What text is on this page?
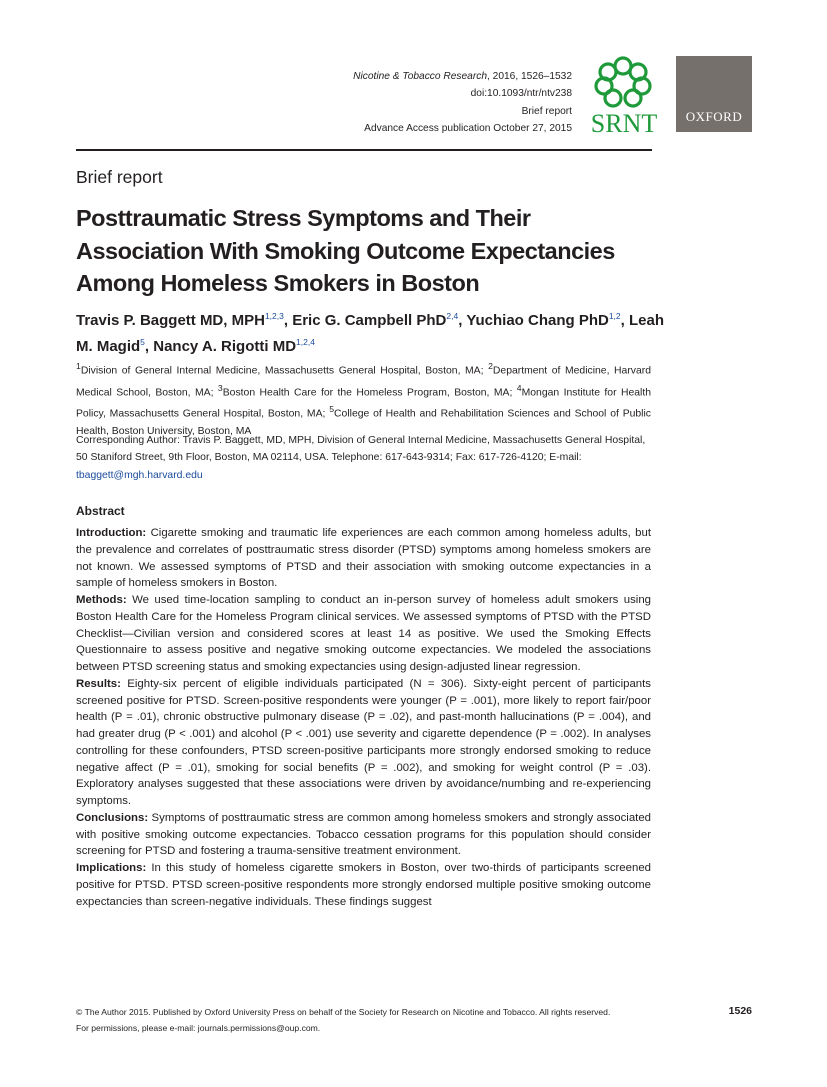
Nicotine & Tobacco Research, 2016, 1526–1532
doi:10.1093/ntr/ntv238
Brief report
Advance Access publication October 27, 2015 SRNT OXFORD
Brief report
Posttraumatic Stress Symptoms and Their
Association With Smoking Outcome Expectancies
Among Homeless Smokers in Boston
Travis P. Baggett MD, MPH$^{1,2,3}$, Eric G. Campbell PhD$^{2,4}$, Yuchiao Chang PhD$^{1,2}$, Leah M. Magid$^5$, Nancy A. Rigotti MD$^{1,2,4}$
$^1$Division of General Internal Medicine, Massachusetts General Hospital, Boston, MA; $^2$Department of Medicine, Harvard Medical School, Boston, MA; $^3$Boston Health Care for the Homeless Program, Boston, MA; $^4$Mongan Institute for Health Policy, Massachusetts General Hospital, Boston, MA; $^5$College of Health and Rehabilitation Sciences and School of Public Health, Boston University, Boston, MA
Corresponding Author: Travis P. Baggett, MD, MPH, Division of General Internal Medicine, Massachusetts General Hospital, 50 Staniford Street, 9th Floor, Boston, MA 02114, USA. Telephone: 617-643-9314; Fax: 617-726-4120; E-mail: tbaggett@mgh.harvard.edu
Abstract

Introduction: Cigarette smoking and traumatic life experiences are each common among homeless adults, but the prevalence and correlates of posttraumatic stress disorder (PTSD) symptoms among homeless smokers are not known. We assessed symptoms of PTSD and their association with smoking outcome expectancies in a sample of homeless smokers in Boston.

Methods: We used time-location sampling to conduct an in-person survey of homeless adult smokers using Boston Health Care for the Homeless Program clinical services. We assessed symptoms of PTSD with the PTSD Checklist—Civilian version and considered scores at least 14 as positive. We used the Smoking Effects Questionnaire to assess positive and negative smoking outcome expectancies. We modeled the associations between PTSD screening status and smoking expectancies using design-adjusted linear regression.

Results: Eighty-six percent of eligible individuals participated (N = 306). Sixty-eight percent of participants screened positive for PTSD. Screen-positive respondents were younger (P = .001), more likely to report fair/poor health (P = .01), chronic obstructive pulmonary disease (P = .02), and past-month hallucinations (P = .004), and had greater drug (P < .001) and alcohol (P < .001) use severity and cigarette dependence (P = .002). In analyses controlling for these confounders, PTSD screen-positive participants more strongly endorsed smoking to reduce negative affect (P = .01), smoking for social benefits (P = .002), and smoking for weight control (P = .03). Exploratory analyses suggested that these associations were driven by avoidance/numbing and re-experiencing symptoms.

Conclusions: Symptoms of posttraumatic stress are common among homeless smokers and strongly associated with positive smoking outcome expectancies. Tobacco cessation programs for this population should consider screening for PTSD and fostering a trauma-sensitive treatment environment.

Implications: In this study of homeless cigarette smokers in Boston, over two-thirds of participants screened positive for PTSD. PTSD screen-positive respondents more strongly endorsed multiple positive smoking outcome expectancies than screen-negative individuals. These findings suggest

© The Author 2015. Published by Oxford University Press on behalf of the Society for Research on Nicotine and Tobacco. All rights reserved.
For permissions, please e-mail: journals.permissions@oup.com.
1526
